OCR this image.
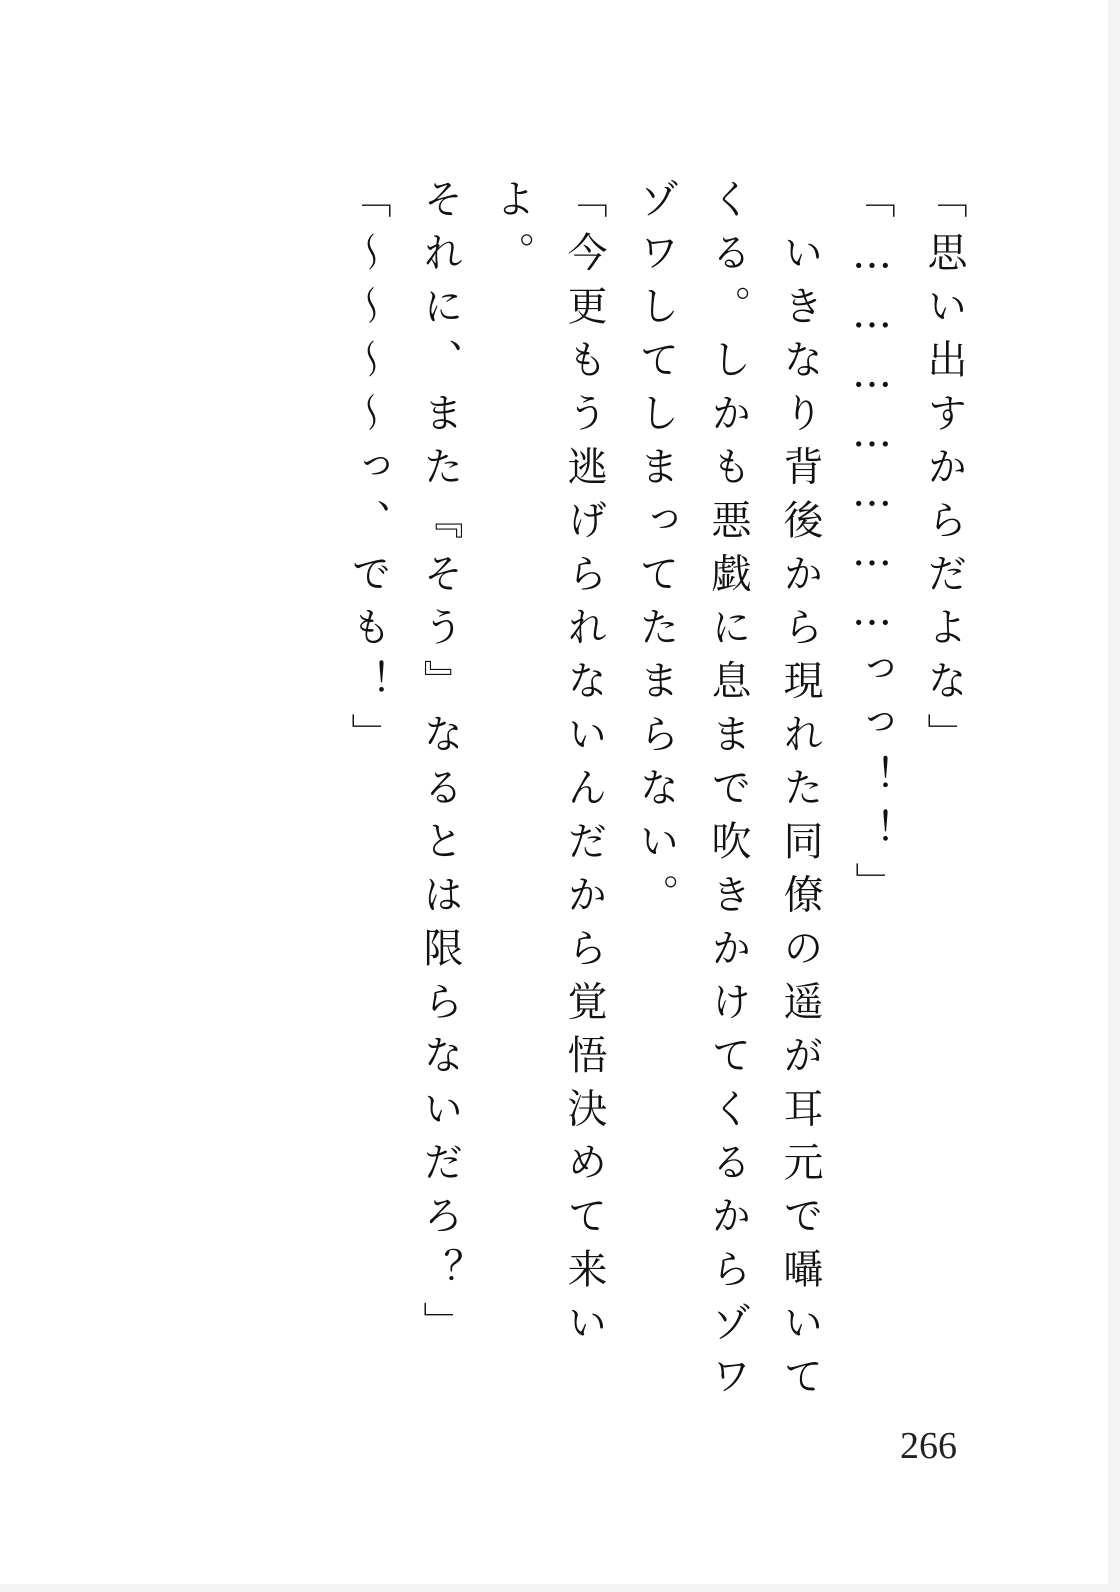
「思い出すからだよな」
「…………………っっ！！」
　いきなり背後から現れた同僚の遥が耳元で囁いて
くる。しかも悪戯に息まで吹きかけてくるからゾワ
ゾワしてしまってたまらない。
「今更もう逃げられないんだから覚悟決めて来いよ。
それに、また『そう』なるとは限らないだろ？」
「〜〜〜〜っ、でも！」
266
